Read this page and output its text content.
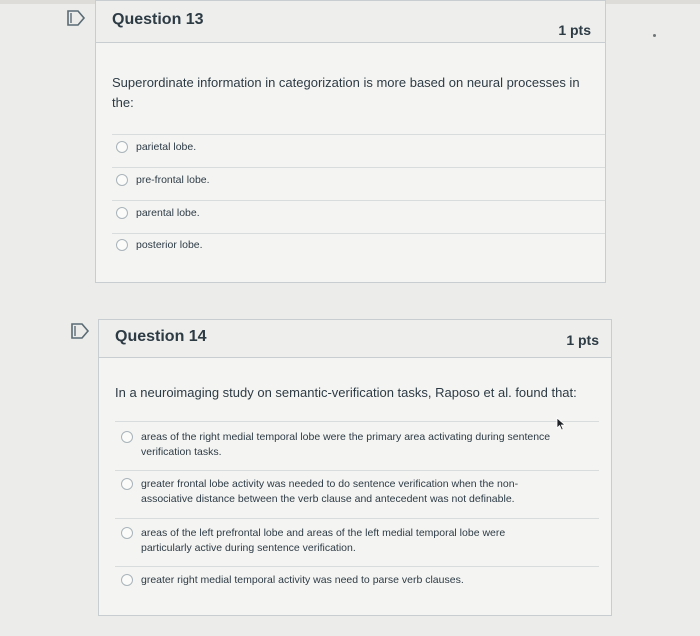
Question 13
1 pts
Superordinate information in categorization is more based on neural processes in the:
parietal lobe.
pre-frontal lobe.
parental lobe.
posterior lobe.
Question 14	1 pts
In a neuroimaging study on semantic-verification tasks, Raposo et al. found that:
areas of the right medial temporal lobe were the primary area activating during sentence verification tasks.
greater frontal lobe activity was needed to do sentence verification when the non-associative distance between the verb clause and antecedent was not definable.
areas of the left prefrontal lobe and areas of the left medial temporal lobe were particularly active during sentence verification.
greater right medial temporal activity was need to parse verb clauses.
